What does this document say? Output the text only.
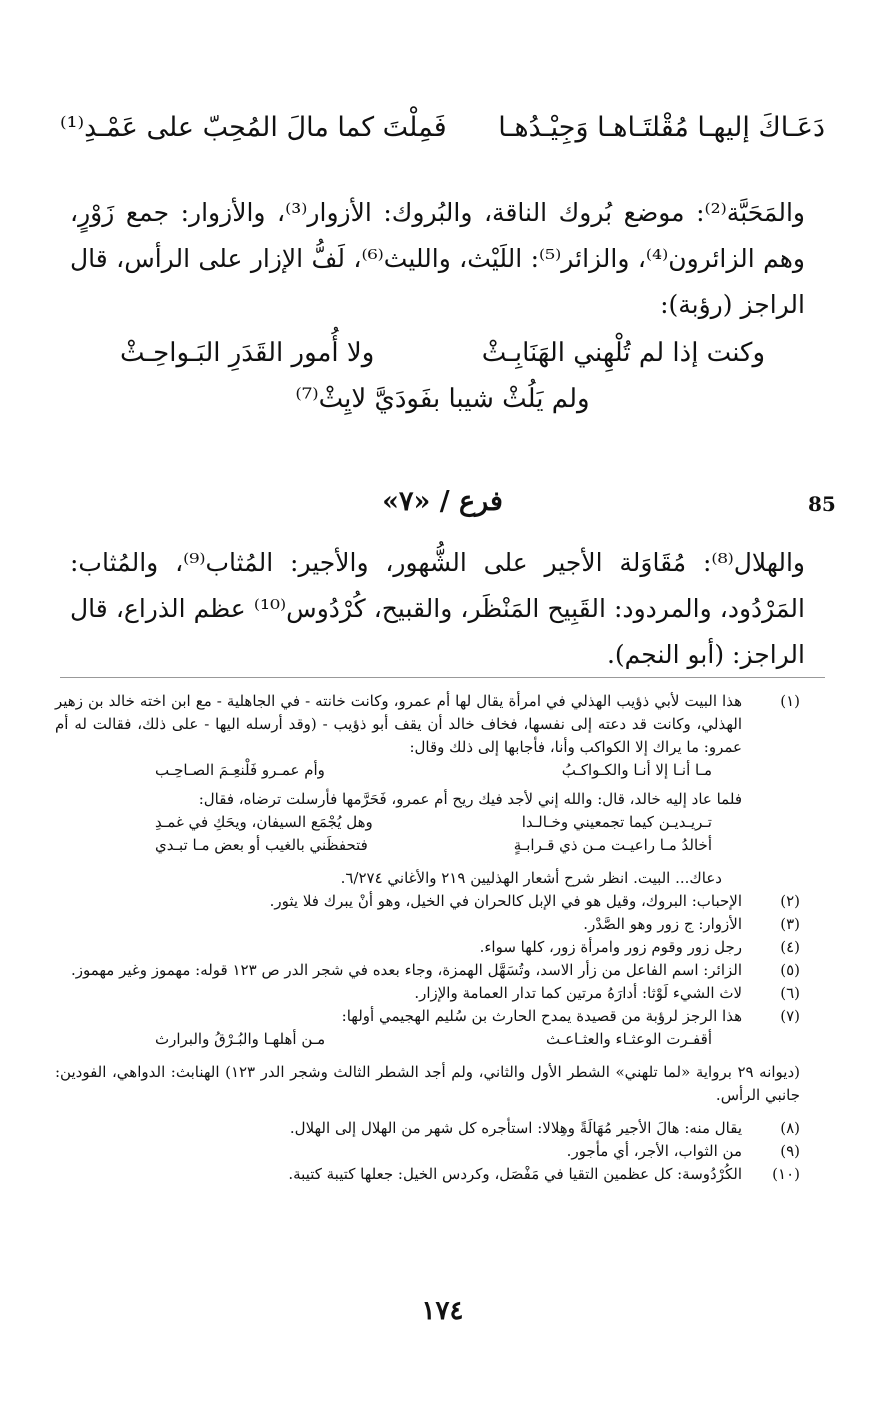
دَعَـاكَ إليهـا مُقْلتَـاهـا وَجِيْـدُهـا
فَمِلْتَ كما مالَ المُحِبّ على عَمْـدِ⁽¹⁾
والمَحَبَّة⁽²⁾: موضع بُروك الناقة، والبُروك: الأزوار⁽³⁾، والأزوار: جمع زَوْرٍ، وهم الزائرون⁽⁴⁾، والزائر⁽⁵⁾: اللَيْث، والليث⁽⁶⁾، لَفُّ الإزار على الرأس، قال الراجز (رؤبة):
وكنت إذا لم تُلْهِني الهَنَابِـثْ
ولا أُمور القَدَرِ البَـواحِـثْ
ولم يَلُثْ شيبا بفَودَيَّ لايِثْ⁽⁷⁾
فرع / «٧»	85
والهلال⁽⁸⁾: مُقَاوَلة الأجير على الشُّهور، والأجير: المُثاب⁽⁹⁾، والمُثاب: المَرْدُود، والمردود: القَبِيح المَنْظَر، والقبيح، كُرْدُوس⁽¹⁰⁾ عظم الذراع، قال الراجز: (أبو النجم).
(١)
هذا البيت لأبي ذؤيب الهذلي في امرأة يقال لها أم عمرو، وكانت خانته - في الجاهلية - مع ابن اخته خالد بن زهير الهذلي، وكانت قد دعته إلى نفسها، فخاف خالد أن يقف أبو ذؤيب - (وقد أرسله اليها - على ذلك، فقالت له أم عمرو: ما يراك إلا الكواكب وأنا، فأجابها إلى ذلك وقال:
مـا أنـا إلا أنـا والكـواكـبُ
وأم عمـرو فَلْنعِـمَ الصـاحِـب
فلما عاد إليه خالد، قال: والله إني لأجد فيك ريح أم عمرو، فَحَرَّمها فأرسلت ترضاه، فقال:
تـريـديـن كيما تجمعيني وخـالـدا
وهل يُجْمَع السيفان، ويحَكِ في غمـدِ
أخالدُ مـا راعيـت مـن ذي قـرابـةٍ
فتحفظَني بالغيب أو بعض مـا تبـدي
دعاك... البيت. انظر شرح أشعار الهذليين ٢١٩ والأغاني ٦/٢٧٤.
(٢)
الإحباب: البروك، وقيل هو في الإبل كالحران في الخيل، وهو أنْ يبرك فلا يثور.
(٣)
الأزوار: ج زور وهو الصَّدْر.
(٤)
رجل زور وقوم زور وامرأة زور، كلها سواء.
(٥)
الزائر: اسم الفاعل من زأر الاسد، وتُسَهَّل الهمزة، وجاء بعده في شجر الدر ص ١٢٣ قوله: مهموز وغير مهموز.
(٦)
لاث الشيء لَوْثا: أدارَهُ مرتين كما تدار العمامة والإزار.
(٧)
هذا الرجز لرؤبة من قصيدة يمدح الحارث بن سُليم الهجيمي أولها:
أقفـرت الوعثـاء والعثـاعـث
مـن أهلهـا والبُـرْقُ والبرارث
(ديوانه ٢٩ برواية «لما تلهني» الشطر الأول والثاني، ولم أجد الشطر الثالث وشجر الدر ١٢٣) الهنابث: الدواهي، الفودين: جانبي الرأس.
(٨)
يقال منه: هالَ الأجير مُهَالَةً وهِلالا: استأجره كل شهر من الهلال إلى الهلال.
(٩)
من الثواب، الأجر، أي مأجور.
(١٠)
الكُرْدُوسة: كل عظمين التقيا في مَفْصَل، وكردس الخيل: جعلها كتيبة كتيبة.
١٧٤
